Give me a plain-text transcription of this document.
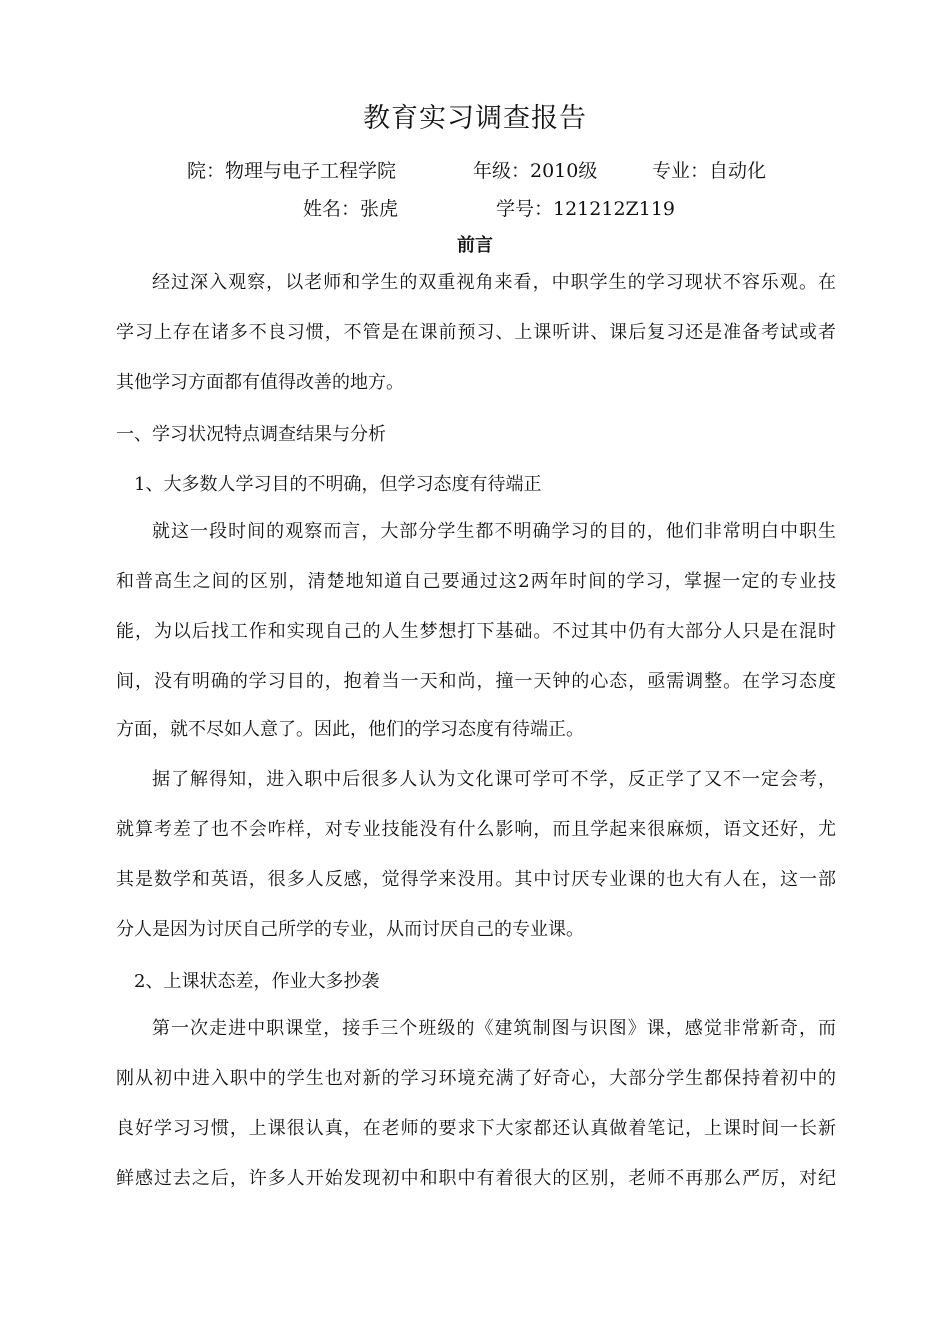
教育实习调查报告
院：物理与电子工程学院	年级：2010级	专业：自动化
姓名：张虎	学号：121212Z119
前言
经过深入观察，以老师和学生的双重视角来看，中职学生的学习现状不容乐观。在
学习上存在诸多不良习惯，不管是在课前预习、上课听讲、课后复习还是准备考试或者
其他学习方面都有值得改善的地方。
一、学习状况特点调查结果与分析
1、大多数人学习目的不明确，但学习态度有待端正
就这一段时间的观察而言，大部分学生都不明确学习的目的，他们非常明白中职生
和普高生之间的区别，清楚地知道自己要通过这2两年时间的学习，掌握一定的专业技
能，为以后找工作和实现自己的人生梦想打下基础。不过其中仍有大部分人只是在混时
间，没有明确的学习目的，抱着当一天和尚，撞一天钟的心态，亟需调整。在学习态度
方面，就不尽如人意了。因此，他们的学习态度有待端正。
据了解得知，进入职中后很多人认为文化课可学可不学，反正学了又不一定会考，
就算考差了也不会咋样，对专业技能没有什么影响，而且学起来很麻烦，语文还好，尤
其是数学和英语，很多人反感，觉得学来没用。其中讨厌专业课的也大有人在，这一部
分人是因为讨厌自己所学的专业，从而讨厌自己的专业课。
2、上课状态差，作业大多抄袭
第一次走进中职课堂，接手三个班级的《建筑制图与识图》课，感觉非常新奇，而
刚从初中进入职中的学生也对新的学习环境充满了好奇心，大部分学生都保持着初中的
良好学习习惯，上课很认真，在老师的要求下大家都还认真做着笔记，上课时间一长新
鲜感过去之后，许多人开始发现初中和职中有着很大的区别，老师不再那么严厉，对纪
